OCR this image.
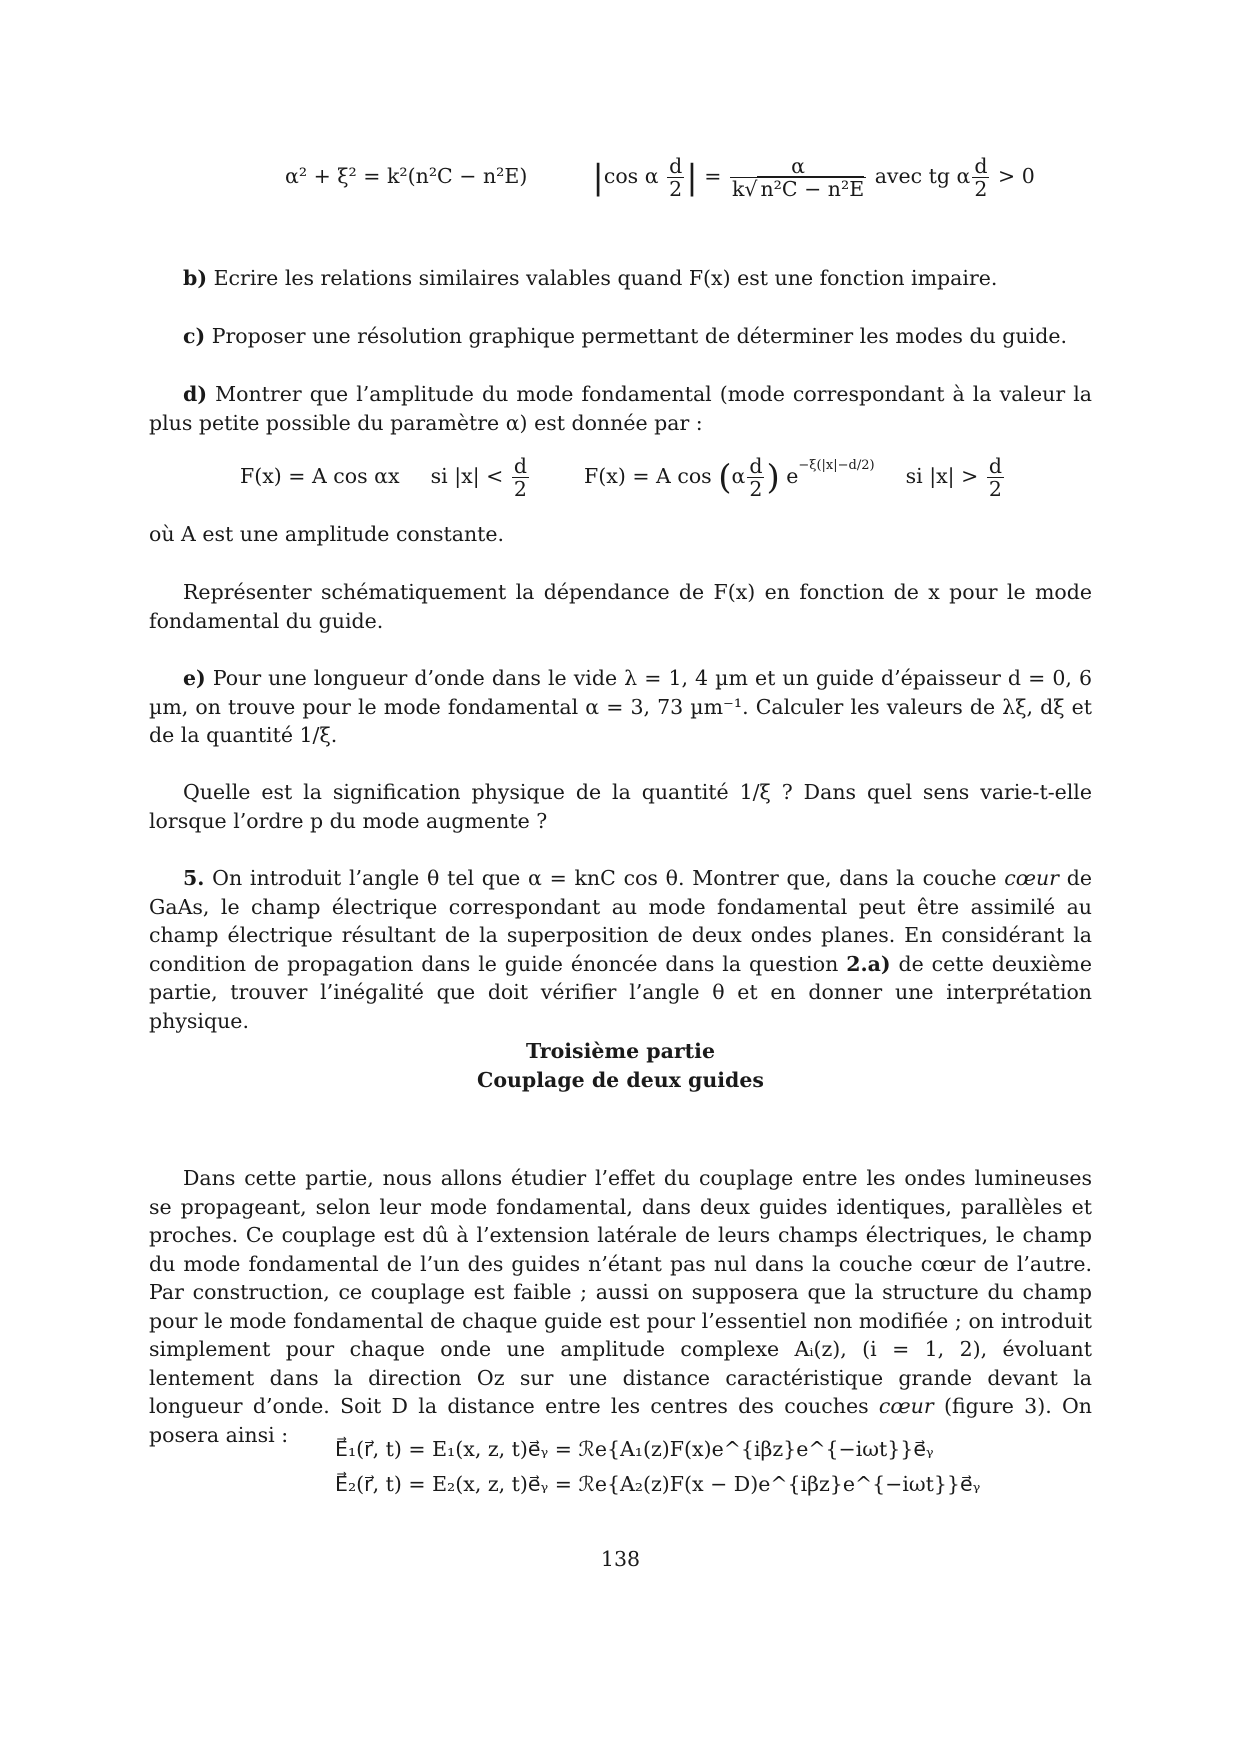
α² + ξ² = k²(n²C − n²E) |cos α $\frac{d}{2}$ | = $\frac{\alpha}{\text{k√ n²C − n²E}}$ avec tg α $\frac{d}{2} > 0$

b) Ecrire les relations similaires valables quand F(x) est une fonction impaire.

c) Proposer une résolution graphique permettant de déterminer les modes du guide.

d) Montrer que l’amplitude du mode fondamental (mode correspondant à la valeur la plus petite possible du paramètre α) est donnée par :

F(x) = A cos αx si $|x| < \frac{d}{2}$	F(x) = A $\cos (\alpha \frac{d}{2}$ ) $e^{-\xi(|x|-d/2)}$ si $|x| > \frac{d}{2}$

où A est une amplitude constante.

Représenter schématiquement la dépendance de F(x) en fonction de x pour le mode fondamental du guide.

e) Pour une longueur d’onde dans le vide λ = 1, 4 µm et un guide d’épaisseur d = 0, 6 µm, on trouve pour le mode fondamental α = 3, 73 µm⁻¹. Calculer les valeurs de λξ, dξ et de la quantité 1/ξ.

Quelle est la signification physique de la quantité 1/ξ ? Dans quel sens varie-t-elle lorsque l’ordre p du mode augmente ?

5. On introduit l’angle θ tel que α = knC cos θ. Montrer que, dans la couche cœur de GaAs, le champ électrique correspondant au mode fondamental peut être assimilé au champ électrique résultant de la superposition de deux ondes planes. En considérant la condition de propagation dans le guide énoncée dans la question 2.a) de cette deuxième partie, trouver l’inégalité que doit vérifier l’angle θ et en donner une interprétation physique.

Troisième partie
Couplage de deux guides

Dans cette partie, nous allons étudier l’effet du couplage entre les ondes lumineuses se propageant, selon leur mode fondamental, dans deux guides identiques, parallèles et proches. Ce couplage est dû à l’extension latérale de leurs champs électriques, le champ du mode fondamental de l’un des guides n’étant pas nul dans la couche cœur de l’autre. Par construction, ce couplage est faible ; aussi on supposera que la structure du champ pour le mode fondamental de chaque guide est pour l’essentiel non modifiée ; on introduit simplement pour chaque onde une amplitude complexe Aᵢ(z), (i = 1, 2), évoluant lentement dans la direction Oz sur une distance caractéristique grande devant la longueur d’onde. Soit D la distance entre les centres des couches cœur (figure 3). On posera ainsi :

E⃗₁(r⃗, t) = E₁(x, z, t)e⃗ᵧ = ℛe{A₁(z)F(x)e^{iβz}e^{−iωt}}e⃗ᵧ
E⃗₂(r⃗, t) = E₂(x, z, t)e⃗ᵧ = ℛe{A₂(z)F(x − D)e^{iβz}e^{−iωt}}e⃗ᵧ
138
